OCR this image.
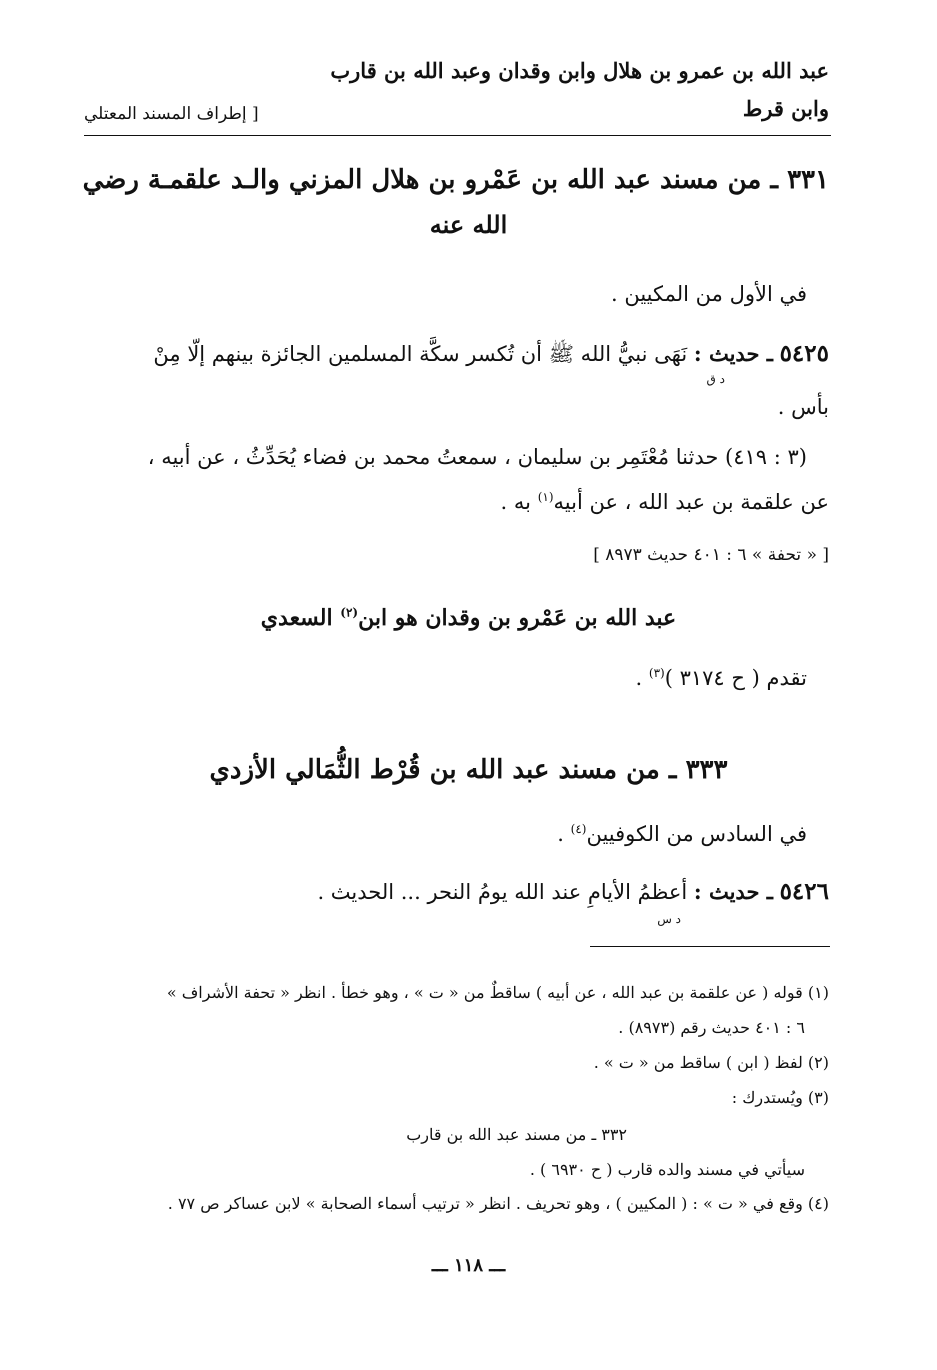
عبد الله بن عمرو بن هلال وابن وقدان وعبد الله بن قارب
وابن قرط
[ إطراف المسند المعتلي
٣٣١ ـ من مسند عبد الله بن عَمْرو بن هلال المزني والـد علقمـة رضي
الله عنه
في الأول من المكيين .
٥٤٢٥ ـ حديث : نَهَى نبيُّ الله ﷺ أن تُكسر سكَّة المسلمين الجائزة بينهم إلّا مِنْ
د ق
بأس .
(٣ : ٤١٩) حدثنا مُعْتَمِر بن سليمان ، سمعتُ محمد بن فضاء يُحَدِّثُ ، عن أبيه ،
عن علقمة بن عبد الله ، عن أبيه$^{(١)}$ به .
[ « تحفة » ٦ : ٤٠١ حديث ٨٩٧٣ ]
عبد الله بن عَمْرو بن وقدان هو ابن$^{(٢)}$ السعدي
تقدم ( ح ٣١٧٤ )$^{(٣)}$ .
٣٣٣ ـ من مسند عبد الله بن قُرْط الثُّمَالي الأزدي
في السادس من الكوفيين$^{(٤)}$ .
٥٤٢٦ ـ حديث : أعظمُ الأيامِ عند الله يومُ النحر ... الحديث .
د س
(١) قوله ( عن علقمة بن عبد الله ، عن أبيه ) ساقطٌ من « ت » ، وهو خطأ . انظر « تحفة الأشراف »
٦ : ٤٠١ حديث رقم (٨٩٧٣) .
(٢) لفظ ( ابن ) ساقط من « ت » .
(٣) ويُستدرك :
٣٣٢ ـ من مسند عبد الله بن قارب
سيأتي في مسند والده قارب ( ح ٦٩٣٠ ) .
(٤) وقع في « ت » : ( المكيين ) ، وهو تحريف . انظر « ترتيب أسماء الصحابة » لابن عساكر ص ٧٧ .
ـــ ١١٨ ـــ
